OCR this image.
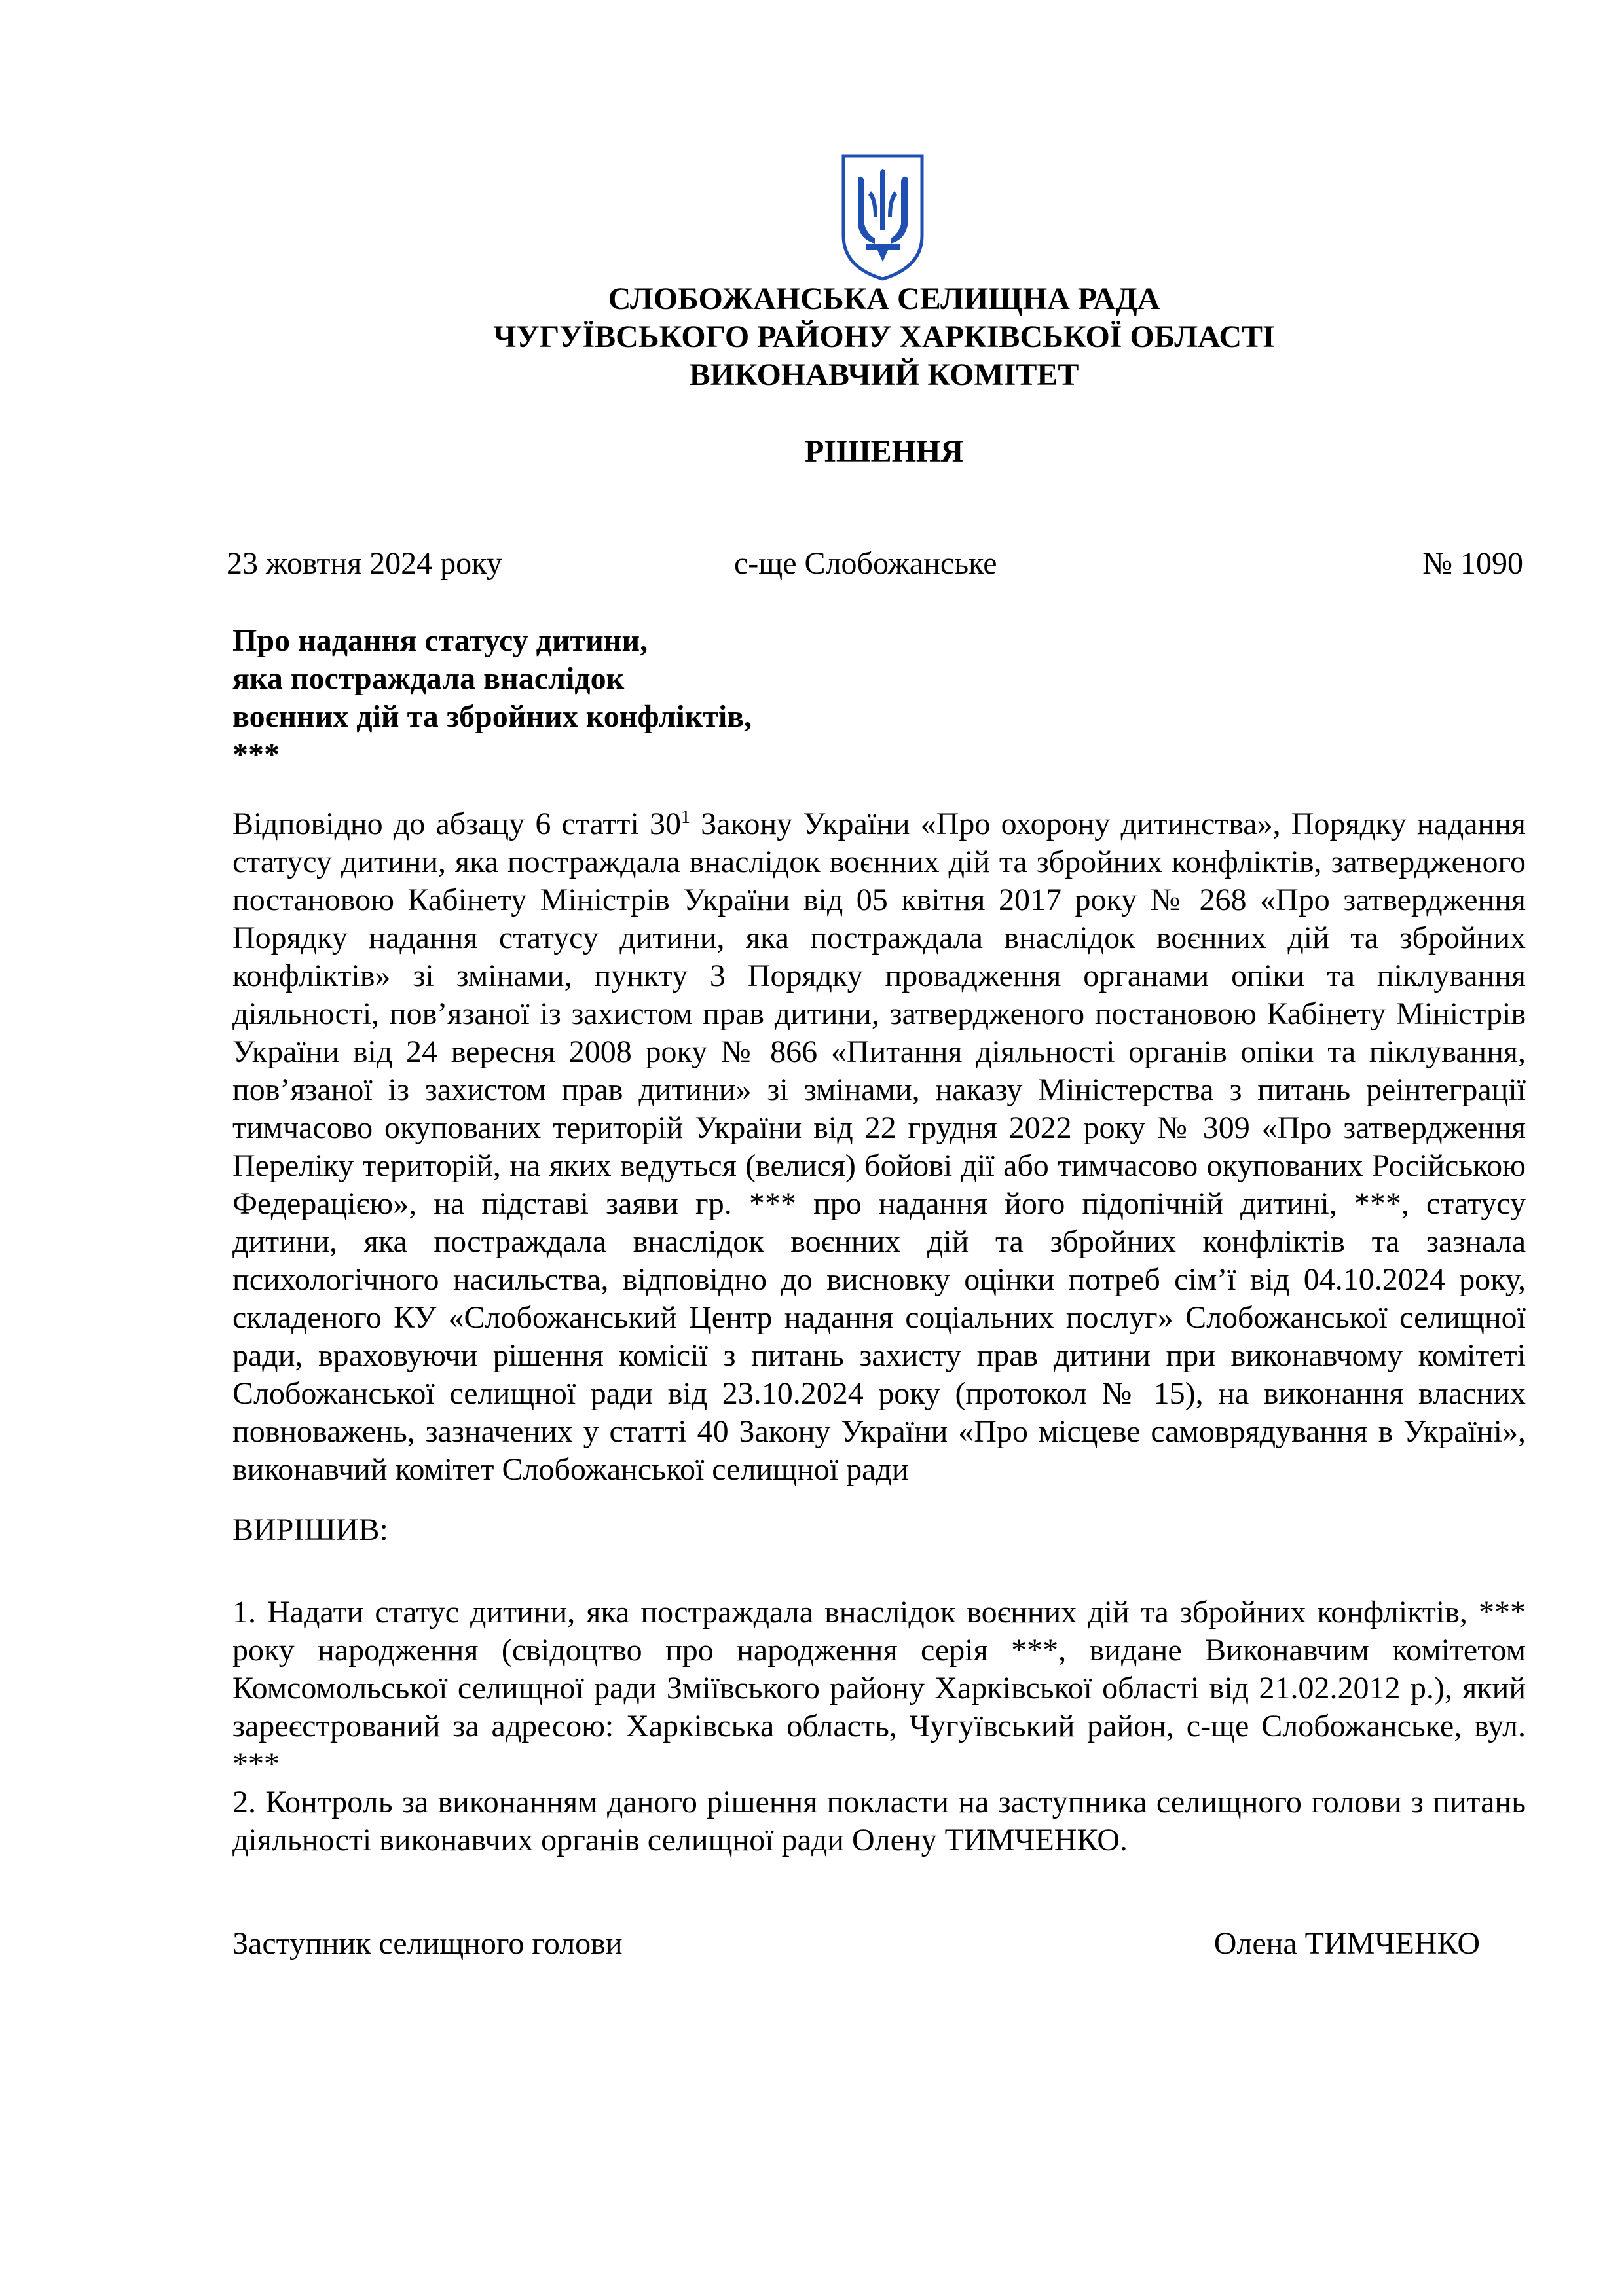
СЛОБОЖАНСЬКА СЕЛИЩНА РАДА
ЧУГУЇВСЬКОГО РАЙОНУ ХАРКІВСЬКОЇ ОБЛАСТІ
ВИКОНАВЧИЙ КОМІТЕТ
РІШЕННЯ
23 жовтня 2024 року	с-ще Слобожанське	№ 1090
Про надання статусу дитини,
яка постраждала внаслідок
воєнних дій та збройних конфліктів,
***
Відповідно до абзацу 6 статті $30^1$ Закону України «Про охорону дитинства», Порядку надання статусу дитини, яка постраждала внаслідок воєнних дій та збройних конфліктів, затвердженого постановою Кабінету Міністрів України від 05 квітня 2017 року № 268 «Про затвердження Порядку надання статусу дитини, яка постраждала внаслідок воєнних дій та збройних конфліктів» зі змінами, пункту 3 Порядку провадження органами опіки та піклування діяльності, пов’язаної із захистом прав дитини, затвердженого постановою Кабінету Міністрів України від 24 вересня 2008 року № 866 «Питання діяльності органів опіки та піклування, пов’язаної із захистом прав дитини» зі змінами, наказу Міністерства з питань реінтеграції тимчасово окупованих територій України від 22 грудня 2022 року № 309 «Про затвердження Переліку територій, на яких ведуться (велися) бойові дії або тимчасово окупованих Російською Федерацією», на підставі заяви гр. *** про надання його підопічній дитині, ***, статусу дитини, яка постраждала внаслідок воєнних дій та збройних конфліктів та зазнала психологічного насильства, відповідно до висновку оцінки потреб сім’ї від 04.10.2024 року, складеного КУ «Слобожанський Центр надання соціальних послуг» Слобожанської селищної ради, враховуючи рішення комісії з питань захисту прав дитини при виконавчому комітеті Слобожанської селищної ради від 23.10.2024 року (протокол № 15), на виконання власних повноважень, зазначених у статті 40 Закону України «Про місцеве самоврядування в Україні», виконавчий комітет Слобожанської селищної ради
ВИРІШИВ:

1. Надати статус дитини, яка постраждала внаслідок воєнних дій та збройних конфліктів, *** року народження (свідоцтво про народження серія ***, видане Виконавчим комітетом Комсомольської селищної ради Зміївського району Харківської області від 21.02.2012 р.), який зареєстрований за адресою: Харківська область, Чугуївський район, с-ще Слобожанське, вул. ***

2. Контроль за виконанням даного рішення покласти на заступника селищного голови з питань діяльності виконавчих органів селищної ради Олену ТИМЧЕНКО.

Заступник селищного голови	Олена ТИМЧЕНКО
